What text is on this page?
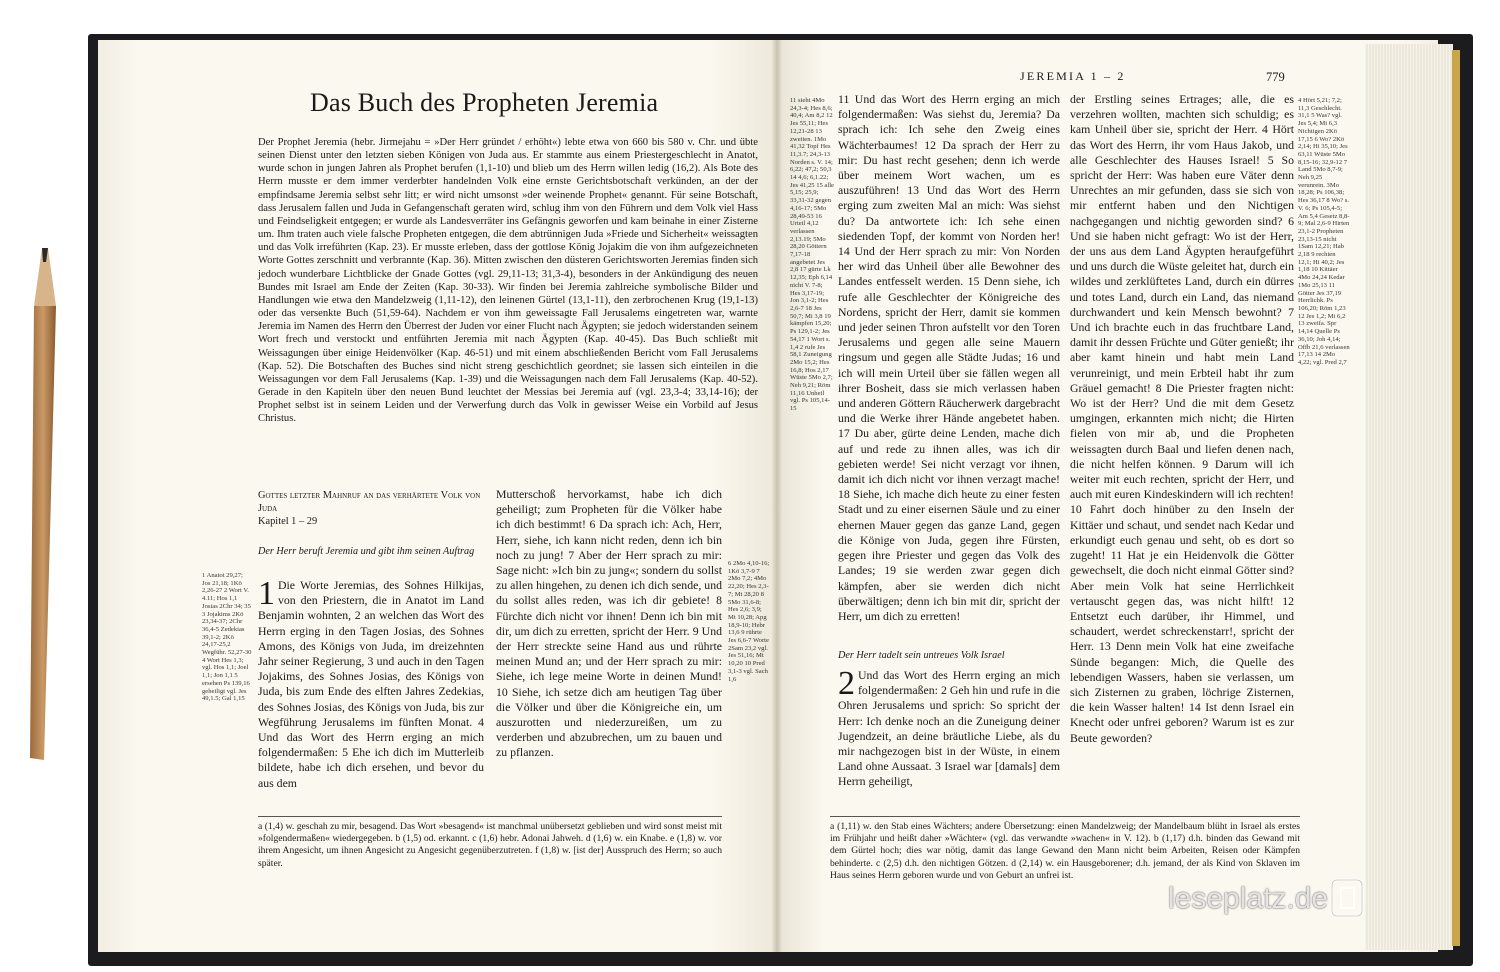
Das Buch des Propheten Jeremia

Der Prophet Jeremia (hebr. Jirmejahu = »Der Herr gründet / erhöht«) lebte etwa von 660 bis 580 v. Chr. und übte seinen Dienst unter den letzten sieben Königen von Juda aus. Er stammte aus einem Priestergeschlecht in Anatot, wurde schon in jungen Jahren als Prophet berufen (1,1-10) und blieb um des Herrn willen ledig (16,2). Als Bote des Herrn musste er dem immer verderbter handelnden Volk eine ernste Gerichtsbotschaft verkünden, an der der empfindsame Jeremia selbst sehr litt; er wird nicht umsonst »der weinende Prophet« genannt. Für seine Botschaft, dass Jerusalem fallen und Juda in Gefangenschaft geraten wird, schlug ihm von den Führern und dem Volk viel Hass und Feindseligkeit entgegen; er wurde als Landesverräter ins Gefängnis geworfen und kam beinahe in einer Zisterne um. Ihm traten auch viele falsche Propheten entgegen, die dem abtrünnigen Juda »Friede und Sicherheit« weissagten und das Volk irreführten (Kap. 23). Er musste erleben, dass der gottlose König Jojakim die von ihm aufgezeichneten Worte Gottes zerschnitt und verbrannte (Kap. 36). Mitten zwischen den düsteren Gerichtsworten Jeremias finden sich jedoch wunderbare Lichtblicke der Gnade Gottes (vgl. 29,11-13; 31,3-4), besonders in der Ankündigung des neuen Bundes mit Israel am Ende der Zeiten (Kap. 30-33). Wir finden bei Jeremia zahlreiche symbolische Bilder und Handlungen wie etwa den Mandelzweig (1,11-12), den leinenen Gürtel (13,1-11), den zerbrochenen Krug (19,1-13) oder das versenkte Buch (51,59-64). Nachdem er von ihm geweissagte Fall Jerusalems eingetreten war, warnte Jeremia im Namen des Herrn den Überrest der Juden vor einer Flucht nach Ägypten; sie jedoch widerstanden seinem Wort frech und verstockt und entführten Jeremia mit nach Ägypten (Kap. 40-45). Das Buch schließt mit Weissagungen über einige Heidenvölker (Kap. 46-51) und mit einem abschließenden Bericht vom Fall Jerusalems (Kap. 52). Die Botschaften des Buches sind nicht streng geschichtlich geordnet; sie lassen sich einteilen in die Weissagungen vor dem Fall Jerusalems (Kap. 1-39) und die Weissagungen nach dem Fall Jerusalems (Kap. 40-52). Gerade in den Kapiteln über den neuen Bund leuchtet der Messias bei Jeremia auf (vgl. 23,3-4; 33,14-16); der Prophet selbst ist in seinem Leiden und der Verwerfung durch das Volk in gewisser Weise ein Vorbild auf Jesus Christus.

Gottes letzter Mahnruf an das verhärtete Volk von Juda
Kapitel 1 – 29
Der Herr beruft Jeremia und gibt ihm seinen Auftrag
1 Anatot 29,27; Jos 21,18; 1Kö 2,26-27 2 Wort V. 4.11; Hos 1,1 Josias 2Chr 34; 35 3 Jojakims 2Kö 23,34-37; 2Chr 36,4-5 Zedekias 39,1-2; 2Kö 24,17-25,2 Wegführ. 52,27-30 4 Wort Hes 1,3; vgl. Hos 1,1; Joel 1,1; Jon 1,1 5 ersehen Ps 139,16 geheiligt vgl. Jes 49,1.5; Gal 1,15
1 Die Worte Jeremias, des Sohnes Hilkijas, von den Priestern, die in Anatot im Land Benjamin wohnten, 2 an welchen das Wort des Herrn erging in den Tagen Josias, des Sohnes Amons, des Königs von Juda, im dreizehnten Jahr seiner Regierung, 3 und auch in den Tagen Jojakims, des Sohnes Josias, des Königs von Juda, bis zum Ende des elften Jahres Zedekias, des Sohnes Josias, des Königs von Juda, bis zur Wegführung Jerusalems im fünften Monat. 4 Und das Wort des Herrn erging an mich folgendermaßen: 5 Ehe ich dich im Mutterleib bildete, habe ich dich ersehen, und bevor du aus dem

Mutterschoß hervorkamst, habe ich dich geheiligt; zum Propheten für die Völker habe ich dich bestimmt! 6 Da sprach ich: Ach, Herr, Herr, siehe, ich kann nicht reden, denn ich bin noch zu jung! 7 Aber der Herr sprach zu mir: Sage nicht: »Ich bin zu jung«; sondern du sollst zu allen hingehen, zu denen ich dich sende, und du sollst alles reden, was ich dir gebiete! 8 Fürchte dich nicht vor ihnen! Denn ich bin mit dir, um dich zu erretten, spricht der Herr. 9 Und der Herr streckte seine Hand aus und rührte meinen Mund an; und der Herr sprach zu mir: Siehe, ich lege meine Worte in deinen Mund! 10 Siehe, ich setze dich am heutigen Tag über die Völker und über die Königreiche ein, um auszurotten und niederzureißen, um zu verderben und abzubrechen, um zu bauen und zu pflanzen.

6 2Mo 4,10-16; 1Kö 3,7-9 7 2Mo 7,2; 4Mo 22,20; Hes 2,3-7; Mt 28,20 8 5Mo 31,6-8; Hes 2,6; 3,9; Mt 10,28; Apg 18,9-10; Hebr 13,6 9 rührte Jes 6,6-7 Worte 2Sam 23,2 vgl. Jes 51,16; Mt 10,20 10 Pred 3,1-3 vgl. Sach 1,6
a (1,4) w. geschah zu mir, besagend. Das Wort »besagend« ist manchmal unübersetzt geblieben und wird sonst meist mit »folgendermaßen« wiedergegeben. b (1,5) od. erkannt. c (1,6) hebr. Adonai Jahweh. d (1,6) w. ein Knabe. e (1,8) w. vor ihrem Angesicht, um ihnen Angesicht zu Angesicht gegenüberzutreten. f (1,8) w. [ist der] Ausspruch des Herrn; so auch später.
JEREMIA 1 – 2	779
11 sieht 4Mo 24,3-4; Hes 8,6; 40,4; Am 8,2 12 Jes 55,11; Hes 12,21-28 13 zweiten. 1Mo 41,32 Topf Hes 11,3.7; 24,3-13 Norden s. V. 14; 6,22; 47,2; 50,3 14 4,6; 6,1.22; Jes 41,25 15 alle 5,15; 25,9; 33,31-32 gegen 4,16-17; 5Mo 28,49-53 16 Urteil 4,12 verlassen 2,13.19; 5Mo 28,20 Göttern 7,17-18 angebetet Jes 2,8 17 gürte Lk 12,35; Eph 6,14 nicht V. 7-8; Hes 3,17-19; Jon 3,1-2; Hes 2,6-7 18 Jes 50,7; Mi 3,8 19 kämpfen 15,20; Ps 129,1-2; Jes 54,17 1 Wort s. 1,4 2 rufe Jes 58,1 Zuneigung 2Mo 15,2; Hes 16,8; Hos 2,17 Wüste 5Mo 2,7; Neh 9,21; Röm 11,16 Unheil vgl. Ps 105,14-15

11 Und das Wort des Herrn erging an mich folgendermaßen: Was siehst du, Jeremia? Da sprach ich: Ich sehe den Zweig eines Wächterbaumes! 12 Da sprach der Herr zu mir: Du hast recht gesehen; denn ich werde über meinem Wort wachen, um es auszuführen! 13 Und das Wort des Herrn erging zum zweiten Mal an mich: Was siehst du? Da antwortete ich: Ich sehe einen siedenden Topf, der kommt von Norden her! 14 Und der Herr sprach zu mir: Von Norden her wird das Unheil über alle Bewohner des Landes entfesselt werden. 15 Denn siehe, ich rufe alle Geschlechter der Königreiche des Nordens, spricht der Herr, damit sie kommen und jeder seinen Thron aufstellt vor den Toren Jerusalems und gegen alle seine Mauern ringsum und gegen alle Städte Judas; 16 und ich will mein Urteil über sie fällen wegen all ihrer Bosheit, dass sie mich verlassen haben und anderen Göttern Räucherwerk dargebracht und die Werke ihrer Hände angebetet haben. 17 Du aber, gürte deine Lenden, mache dich auf und rede zu ihnen alles, was ich dir gebieten werde! Sei nicht verzagt vor ihnen, damit ich dich nicht vor ihnen verzagt mache! 18 Siehe, ich mache dich heute zu einer festen Stadt und zu einer eisernen Säule und zu einer ehernen Mauer gegen das ganze Land, gegen die Könige von Juda, gegen ihre Fürsten, gegen ihre Priester und gegen das Volk des Landes; 19 sie werden zwar gegen dich kämpfen, aber sie werden dich nicht überwältigen; denn ich bin mit dir, spricht der Herr, um dich zu erretten!

Der Herr tadelt sein untreues Volk Israel
2 Und das Wort des Herrn erging an mich folgendermaßen: 2 Geh hin und rufe in die Ohren Jerusalems und sprich: So spricht der Herr: Ich denke noch an die Zuneigung deiner Jugendzeit, an deine bräutliche Liebe, als du mir nachgezogen bist in der Wüste, in einem Land ohne Aussaat. 3 Israel war [damals] dem Herrn geheiligt,

der Erstling seines Ertrages; alle, die es verzehren wollten, machten sich schuldig; es kam Unheil über sie, spricht der Herr. 4 Hört das Wort des Herrn, ihr vom Haus Jakob, und alle Geschlechter des Hauses Israel! 5 So spricht der Herr: Was haben eure Väter denn Unrechtes an mir gefunden, dass sie sich von mir entfernt haben und den Nichtigen nachgegangen und nichtig geworden sind? 6 Und sie haben nicht gefragt: Wo ist der Herr, der uns aus dem Land Ägypten heraufgeführt und uns durch die Wüste geleitet hat, durch ein wildes und zerklüftetes Land, durch ein dürres und totes Land, durch ein Land, das niemand durchwandert und kein Mensch bewohnt? 7 Und ich brachte euch in das fruchtbare Land, damit ihr dessen Früchte und Güter genießt; ihr aber kamt hinein und habt mein Land verunreinigt, und mein Erbteil habt ihr zum Gräuel gemacht! 8 Die Priester fragten nicht: Wo ist der Herr? Und die mit dem Gesetz umgingen, erkannten mich nicht; die Hirten fielen von mir ab, und die Propheten weissagten durch Baal und liefen denen nach, die nicht helfen können. 9 Darum will ich weiter mit euch rechten, spricht der Herr, und auch mit euren Kindeskindern will ich rechten! 10 Fahrt doch hinüber zu den Inseln der Kittäer und schaut, und sendet nach Kedar und erkundigt euch genau und seht, ob es dort so zugeht! 11 Hat je ein Heidenvolk die Götter gewechselt, die doch nicht einmal Götter sind? Aber mein Volk hat seine Herrlichkeit vertauscht gegen das, was nicht hilft! 12 Entsetzt euch darüber, ihr Himmel, und schaudert, werdet schreckenstarr!, spricht der Herr. 13 Denn mein Volk hat eine zweifache Sünde begangen: Mich, die Quelle des lebendigen Wassers, haben sie verlassen, um sich Zisternen zu graben, löchrige Zisternen, die kein Wasser halten! 14 Ist denn Israel ein Knecht oder unfrei geboren? Warum ist es zur Beute geworden?

4 Hört 5,21; 7,2; 11,3 Geschlecht. 31,1 5 Was? vgl. Jes 5,4; Mi 6,3 Nichtigen 2Kö 17,15 6 Wo? 2Kö 2,14; Hi 35,10; Jes 63,11 Wüste 5Mo 8,15-16; 32,9-12 7 Land 5Mo 8,7-9; Neh 9,25 verunrein. 3Mo 18,28; Ps 106,38; Hes 36,17 8 Wo? s. V. 6; Ps 105,4-5; Am 5,4 Gesetz 8,8-9; Mal 2,6-9 Hirten 23,1-2 Propheten 23,13-15 nicht 1Sam 12,21; Hab 2,18 9 rechten 12,1; Hi 40,2; Jes 1,18 10 Kittäer 4Mo 24,24 Kedar 1Mo 25,13 11 Götter Jes 37,19 Herrlichk. Ps 106,20; Röm 1,23 12 Jes 1,2; Mi 6,2 13 zweifa. Spr 14,14 Quelle Ps 36,10; Joh 4,14; Offb 21,6 verlassen 17,13 14 2Mo 4,22; vgl. Pred 2,7
a (1,11) w. den Stab eines Wächters; andere Übersetzung: einen Mandelzweig; der Mandelbaum blüht in Israel als erstes im Frühjahr und heißt daher »Wächter« (vgl. das verwandte »wachen« in V. 12). b (1,17) d.h. binden das Gewand mit dem Gürtel hoch; dies war nötig, damit das lange Gewand den Mann nicht beim Arbeiten, Reisen oder Kämpfen behinderte. c (2,5) d.h. den nichtigen Götzen. d (2,14) w. ein Hausgeborener; d.h. jemand, der als Kind von Sklaven im Haus seines Herrn geboren wurde und von Geburt an unfrei ist.
leseplatz.de
